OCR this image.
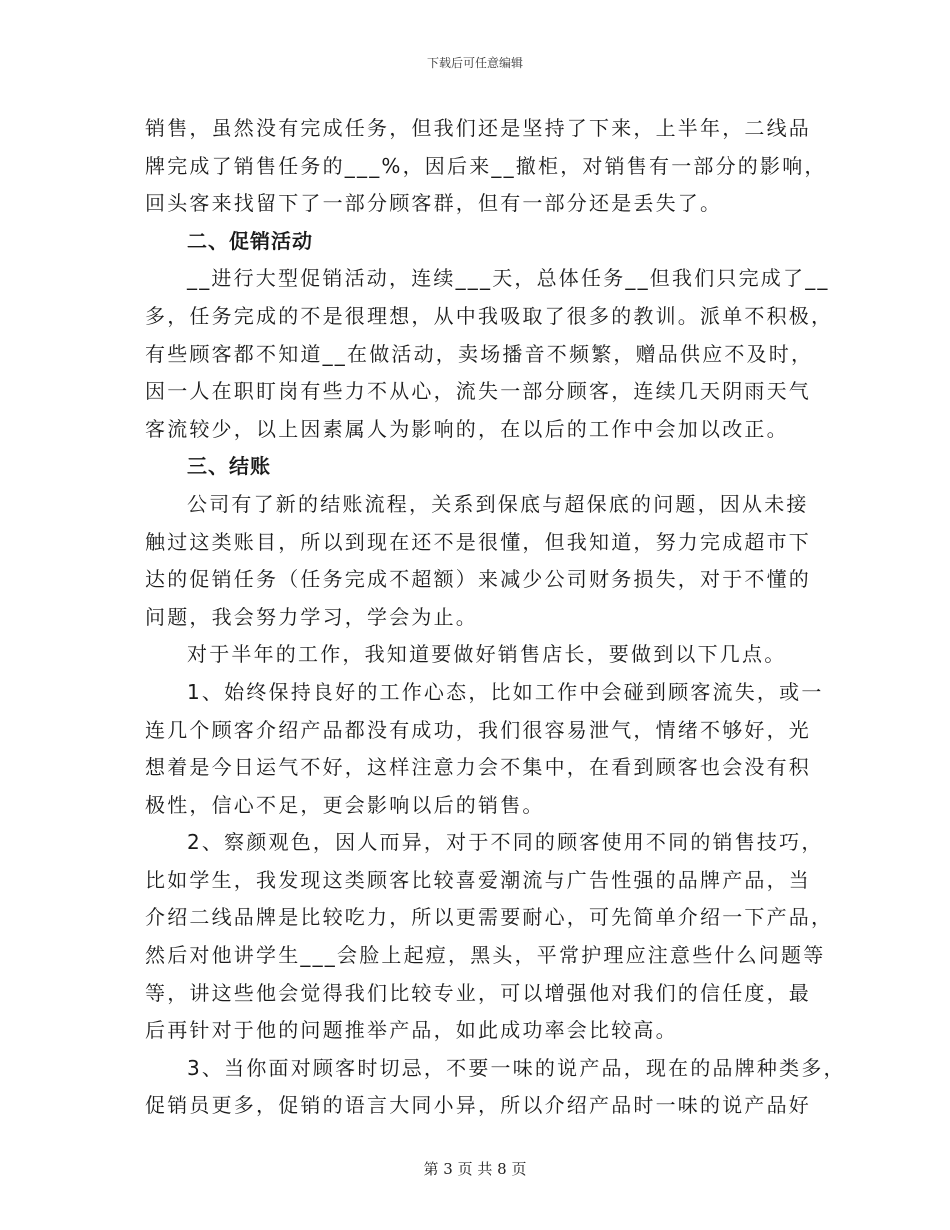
下载后可任意编辑
销售，虽然没有完成任务，但我们还是坚持了下来，上半年，二线品
牌完成了销售任务的___%，因后来__撤柜，对销售有一部分的影响，
回头客来找留下了一部分顾客群，但有一部分还是丢失了。
二、促销活动
__进行大型促销活动，连续___天，总体任务__但我们只完成了__
多，任务完成的不是很理想，从中我吸取了很多的教训。派单不积极，
有些顾客都不知道__在做活动，卖场播音不频繁，赠品供应不及时，
因一人在职盯岗有些力不从心，流失一部分顾客，连续几天阴雨天气
客流较少，以上因素属人为影响的，在以后的工作中会加以改正。
三、结账
公司有了新的结账流程，关系到保底与超保底的问题，因从未接
触过这类账目，所以到现在还不是很懂，但我知道，努力完成超市下
达的促销任务（任务完成不超额）来减少公司财务损失，对于不懂的
问题，我会努力学习，学会为止。
对于半年的工作，我知道要做好销售店长，要做到以下几点。
1、始终保持良好的工作心态，比如工作中会碰到顾客流失，或一
连几个顾客介绍产品都没有成功，我们很容易泄气，情绪不够好，光
想着是今日运气不好，这样注意力会不集中，在看到顾客也会没有积
极性，信心不足，更会影响以后的销售。
2、察颜观色，因人而异，对于不同的顾客使用不同的销售技巧，
比如学生，我发现这类顾客比较喜爱潮流与广告性强的品牌产品，当
介绍二线品牌是比较吃力，所以更需要耐心，可先简单介绍一下产品，
然后对他讲学生___会脸上起痘，黑头，平常护理应注意些什么问题等
等，讲这些他会觉得我们比较专业，可以增强他对我们的信任度，最
后再针对于他的问题推举产品，如此成功率会比较高。
3、当你面对顾客时切忌，不要一味的说产品，现在的品牌种类多，
促销员更多，促销的语言大同小异，所以介绍产品时一味的说产品好
第 3 页 共 8 页
